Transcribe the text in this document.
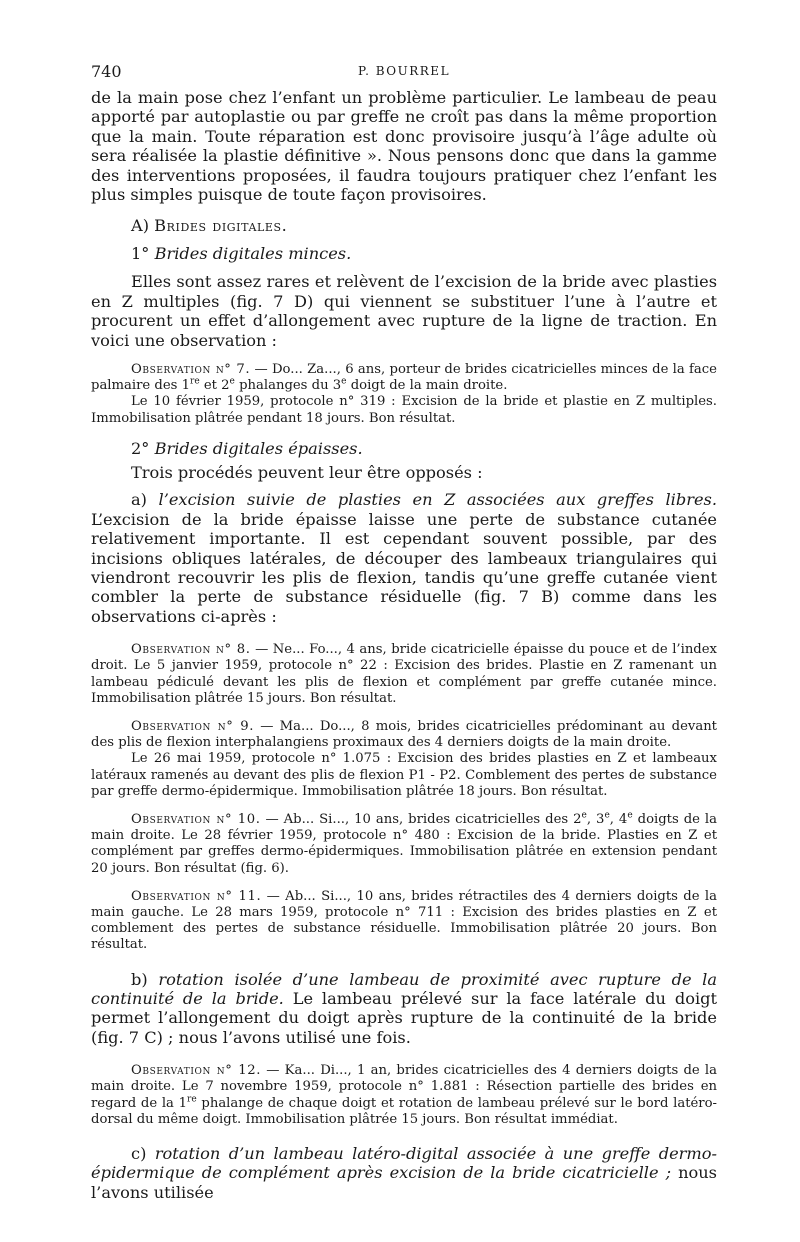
740	P. BOURREL
de la main pose chez l’enfant un problème particulier. Le lambeau de peau apporté par autoplastie ou par greffe ne croît pas dans la même proportion que la main. Toute réparation est donc provisoire jusqu’à l’âge adulte où sera réalisée la plastie définitive ». Nous pensons donc que dans la gamme des interventions proposées, il faudra toujours pratiquer chez l’enfant les plus simples puisque de toute façon provisoires.
A) Brides digitales.
1° Brides digitales minces.
Elles sont assez rares et relèvent de l’excision de la bride avec plasties en Z multiples (fig. 7 D) qui viennent se substituer l’une à l’autre et procurent un effet d’allongement avec rupture de la ligne de traction. En voici une observation :
Observation n° 7. — Do... Za..., 6 ans, porteur de brides cicatricielles minces de la face palmaire des 1re et 2e phalanges du 3e doigt de la main droite.
Le 10 février 1959, protocole n° 319 : Excision de la bride et plastie en Z multiples. Immobilisation plâtrée pendant 18 jours. Bon résultat.
2° Brides digitales épaisses.
Trois procédés peuvent leur être opposés :
a) l’excision suivie de plasties en Z associées aux greffes libres. L’excision de la bride épaisse laisse une perte de substance cutanée relativement importante. Il est cependant souvent possible, par des incisions obliques latérales, de découper des lambeaux triangulaires qui viendront recouvrir les plis de flexion, tandis qu’une greffe cutanée vient combler la perte de substance résiduelle (fig. 7 B) comme dans les observations ci-après :
Observation n° 8. — Ne... Fo..., 4 ans, bride cicatricielle épaisse du pouce et de l’index droit. Le 5 janvier 1959, protocole n° 22 : Excision des brides. Plastie en Z ramenant un lambeau pédiculé devant les plis de flexion et complément par greffe cutanée mince. Immobilisation plâtrée 15 jours. Bon résultat.
Observation n° 9. — Ma... Do..., 8 mois, brides cicatricielles prédominant au devant des plis de flexion interphalangiens proximaux des 4 derniers doigts de la main droite.
Le 26 mai 1959, protocole n° 1.075 : Excision des brides plasties en Z et lambeaux latéraux ramenés au devant des plis de flexion P1 - P2. Comblement des pertes de substance par greffe dermo-épidermique. Immobilisation plâtrée 18 jours. Bon résultat.
Observation n° 10. — Ab... Si..., 10 ans, brides cicatricielles des 2e, 3e, 4e doigts de la main droite. Le 28 février 1959, protocole n° 480 : Excision de la bride. Plasties en Z et complément par greffes dermo-épidermiques. Immobilisation plâtrée en extension pendant 20 jours. Bon résultat (fig. 6).
Observation n° 11. — Ab... Si..., 10 ans, brides rétractiles des 4 derniers doigts de la main gauche. Le 28 mars 1959, protocole n° 711 : Excision des brides plasties en Z et comblement des pertes de substance résiduelle. Immobilisation plâtrée 20 jours. Bon résultat.
b) rotation isolée d’une lambeau de proximité avec rupture de la continuité de la bride. Le lambeau prélevé sur la face latérale du doigt permet l’allongement du doigt après rupture de la continuité de la bride (fig. 7 C) ; nous l’avons utilisé une fois.
Observation n° 12. — Ka... Di..., 1 an, brides cicatricielles des 4 derniers doigts de la main droite. Le 7 novembre 1959, protocole n° 1.881 : Résection partielle des brides en regard de la 1re phalange de chaque doigt et rotation de lambeau prélevé sur le bord latéro-dorsal du même doigt. Immobilisation plâtrée 15 jours. Bon résultat immédiat.
c) rotation d’un lambeau latéro-digital associée à une greffe dermo-épidermique de complément après excision de la bride cicatricielle ; nous l’avons utilisée
